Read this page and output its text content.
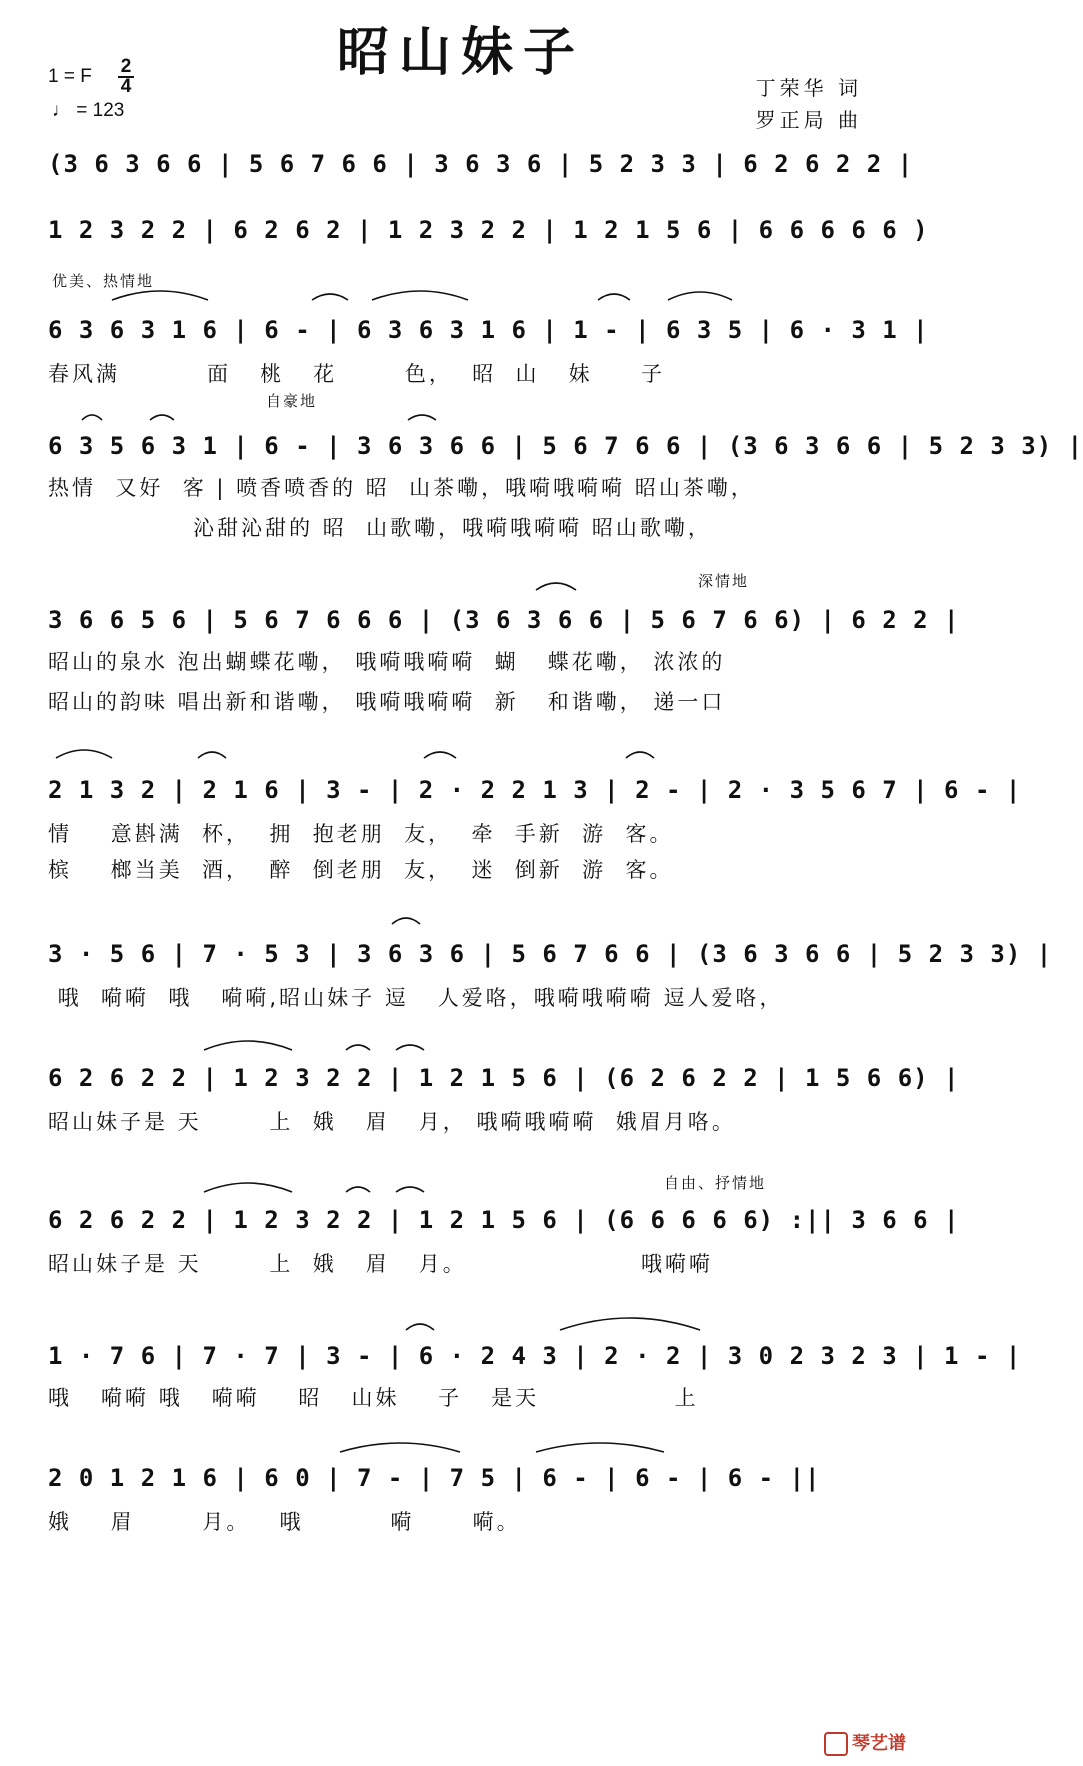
昭山妹子
1 = F 2
4
♩ = 123
丁荣华 词
罗正局 曲
(3 6 3 6 6 | 5 6 7 6 6 | 3 6 3 6 | 5 2 3 3 | 6 2 6 2 2 |
1 2 3 2 2 | 6 2 6 2 | 1 2 3 2 2 | 1 2 1 5 6 | 6 6 6 6 6 )
优美、热情地
6 3 6 3 1 6 | 6 - | 6 3 6 3 1 6 | 1 - | 6 3 5 | 6 · 3 1 |
春风满         面   桃   花       色，  昭  山   妹     子
自豪地
6 3 5 6 3 1 | 6 - | 3 6 3 6 6 | 5 6 7 6 6 | (3 6 3 6 6 | 5 2 3 3) |
热情  又好  客 | 喷香喷香的 昭  山茶嘞，哦嗬哦嗬嗬 昭山茶嘞，
沁甜沁甜的 昭  山歌嘞，哦嗬哦嗬嗬 昭山歌嘞，
深情地
3 6 6 5 6 | 5 6 7 6 6 6 | (3 6 3 6 6 | 5 6 7 6 6) | 6 2 2 |
昭山的泉水 泡出蝴蝶花嘞， 哦嗬哦嗬嗬  蝴   蝶花嘞， 浓浓的
昭山的韵味 唱出新和谐嘞， 哦嗬哦嗬嗬  新   和谐嘞， 递一口
2 1 3 2 | 2 1 6 | 3 - | 2 · 2 2 1 3 | 2 - | 2 · 3 5 6 7 | 6 - |
情    意斟满  杯，  拥  抱老朋  友，  牵  手新  游  客。
槟    榔当美  酒，  醉  倒老朋  友，  迷  倒新  游  客。
3 · 5 6 | 7 · 5 3 | 3 6 3 6 | 5 6 7 6 6 | (3 6 3 6 6 | 5 2 3 3) |
哦  嗬嗬  哦   嗬嗬,昭山妹子 逗   人爱咯，哦嗬哦嗬嗬 逗人爱咯，
6 2 6 2 2 | 1 2 3 2 2 | 1 2 1 5 6 | (6 2 6 2 2 | 1 5 6 6) |
昭山妹子是 天       上  娥   眉   月， 哦嗬哦嗬嗬  娥眉月咯。
自由、抒情地
6 2 6 2 2 | 1 2 3 2 2 | 1 2 1 5 6 | (6 6 6 6 6) :|| 3 6 6 |
昭山妹子是 天       上  娥   眉   月。                  哦嗬嗬
1 · 7 6 | 7 · 7 | 3 - | 6 · 2 4 3 | 2 · 2 | 3 0 2 3 2 3 | 1 - |
哦   嗬嗬 哦   嗬嗬    昭   山妹    子   是天              上
2 0 1 2 1 6 | 6 0 | 7 - | 7 5 | 6 - | 6 - | 6 - ||
娥    眉       月。   哦         嗬      嗬。
琴艺谱
